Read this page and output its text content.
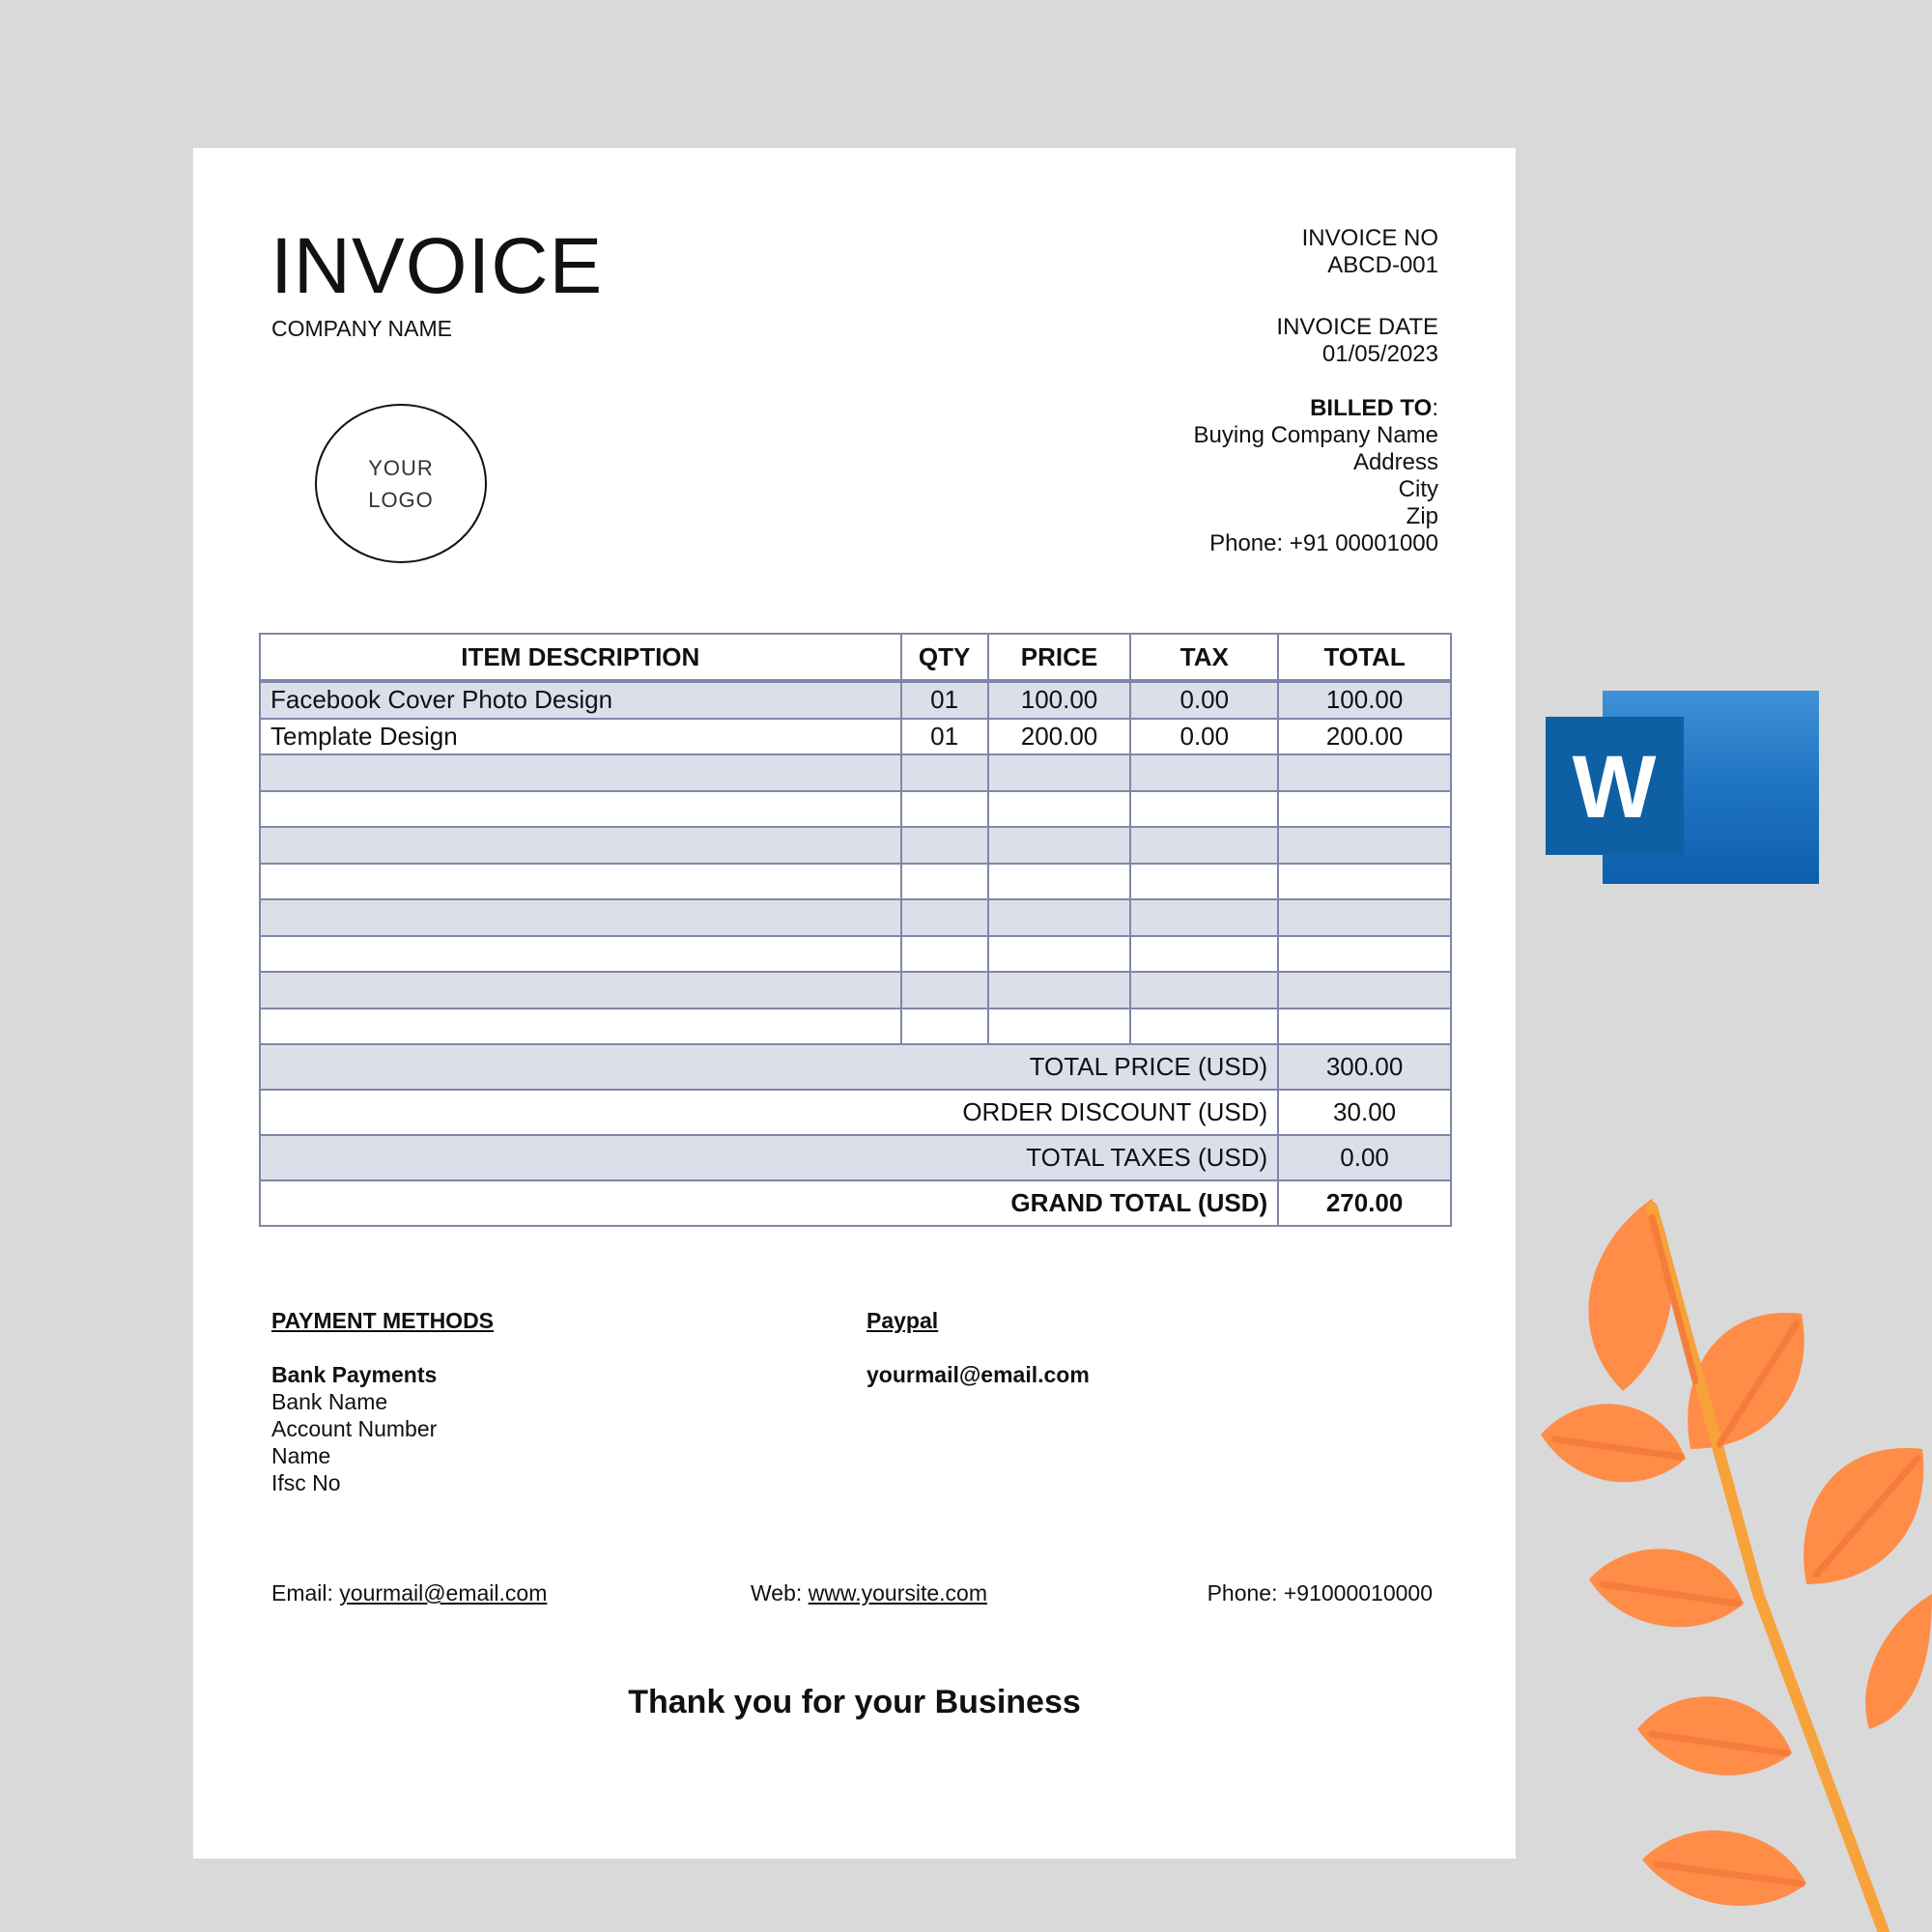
INVOICE
COMPANY NAME
INVOICE NO
ABCD-001
INVOICE DATE
01/05/2023
BILLED TO:
Buying Company Name
Address
City
Zip
Phone: +91 00001000
YOUR
LOGO
ITEM DESCRIPTION	QTY	PRICE	TAX	TOTAL
Facebook Cover Photo Design	01	100.00	0.00	100.00
Template Design	01	200.00	0.00	200.00

TOTAL PRICE (USD)				300.00
ORDER DISCOUNT (USD)				30.00
TOTAL TAXES (USD)				0.00
GRAND TOTAL (USD)				270.00
PAYMENT METHODS
Bank Payments
Bank Name
Account Number
Name
Ifsc No
Paypal
yourmail@email.com
Email: yourmail@email.com	Web: www.yoursite.com	Phone: +91000010000
Thank you for your Business
W
